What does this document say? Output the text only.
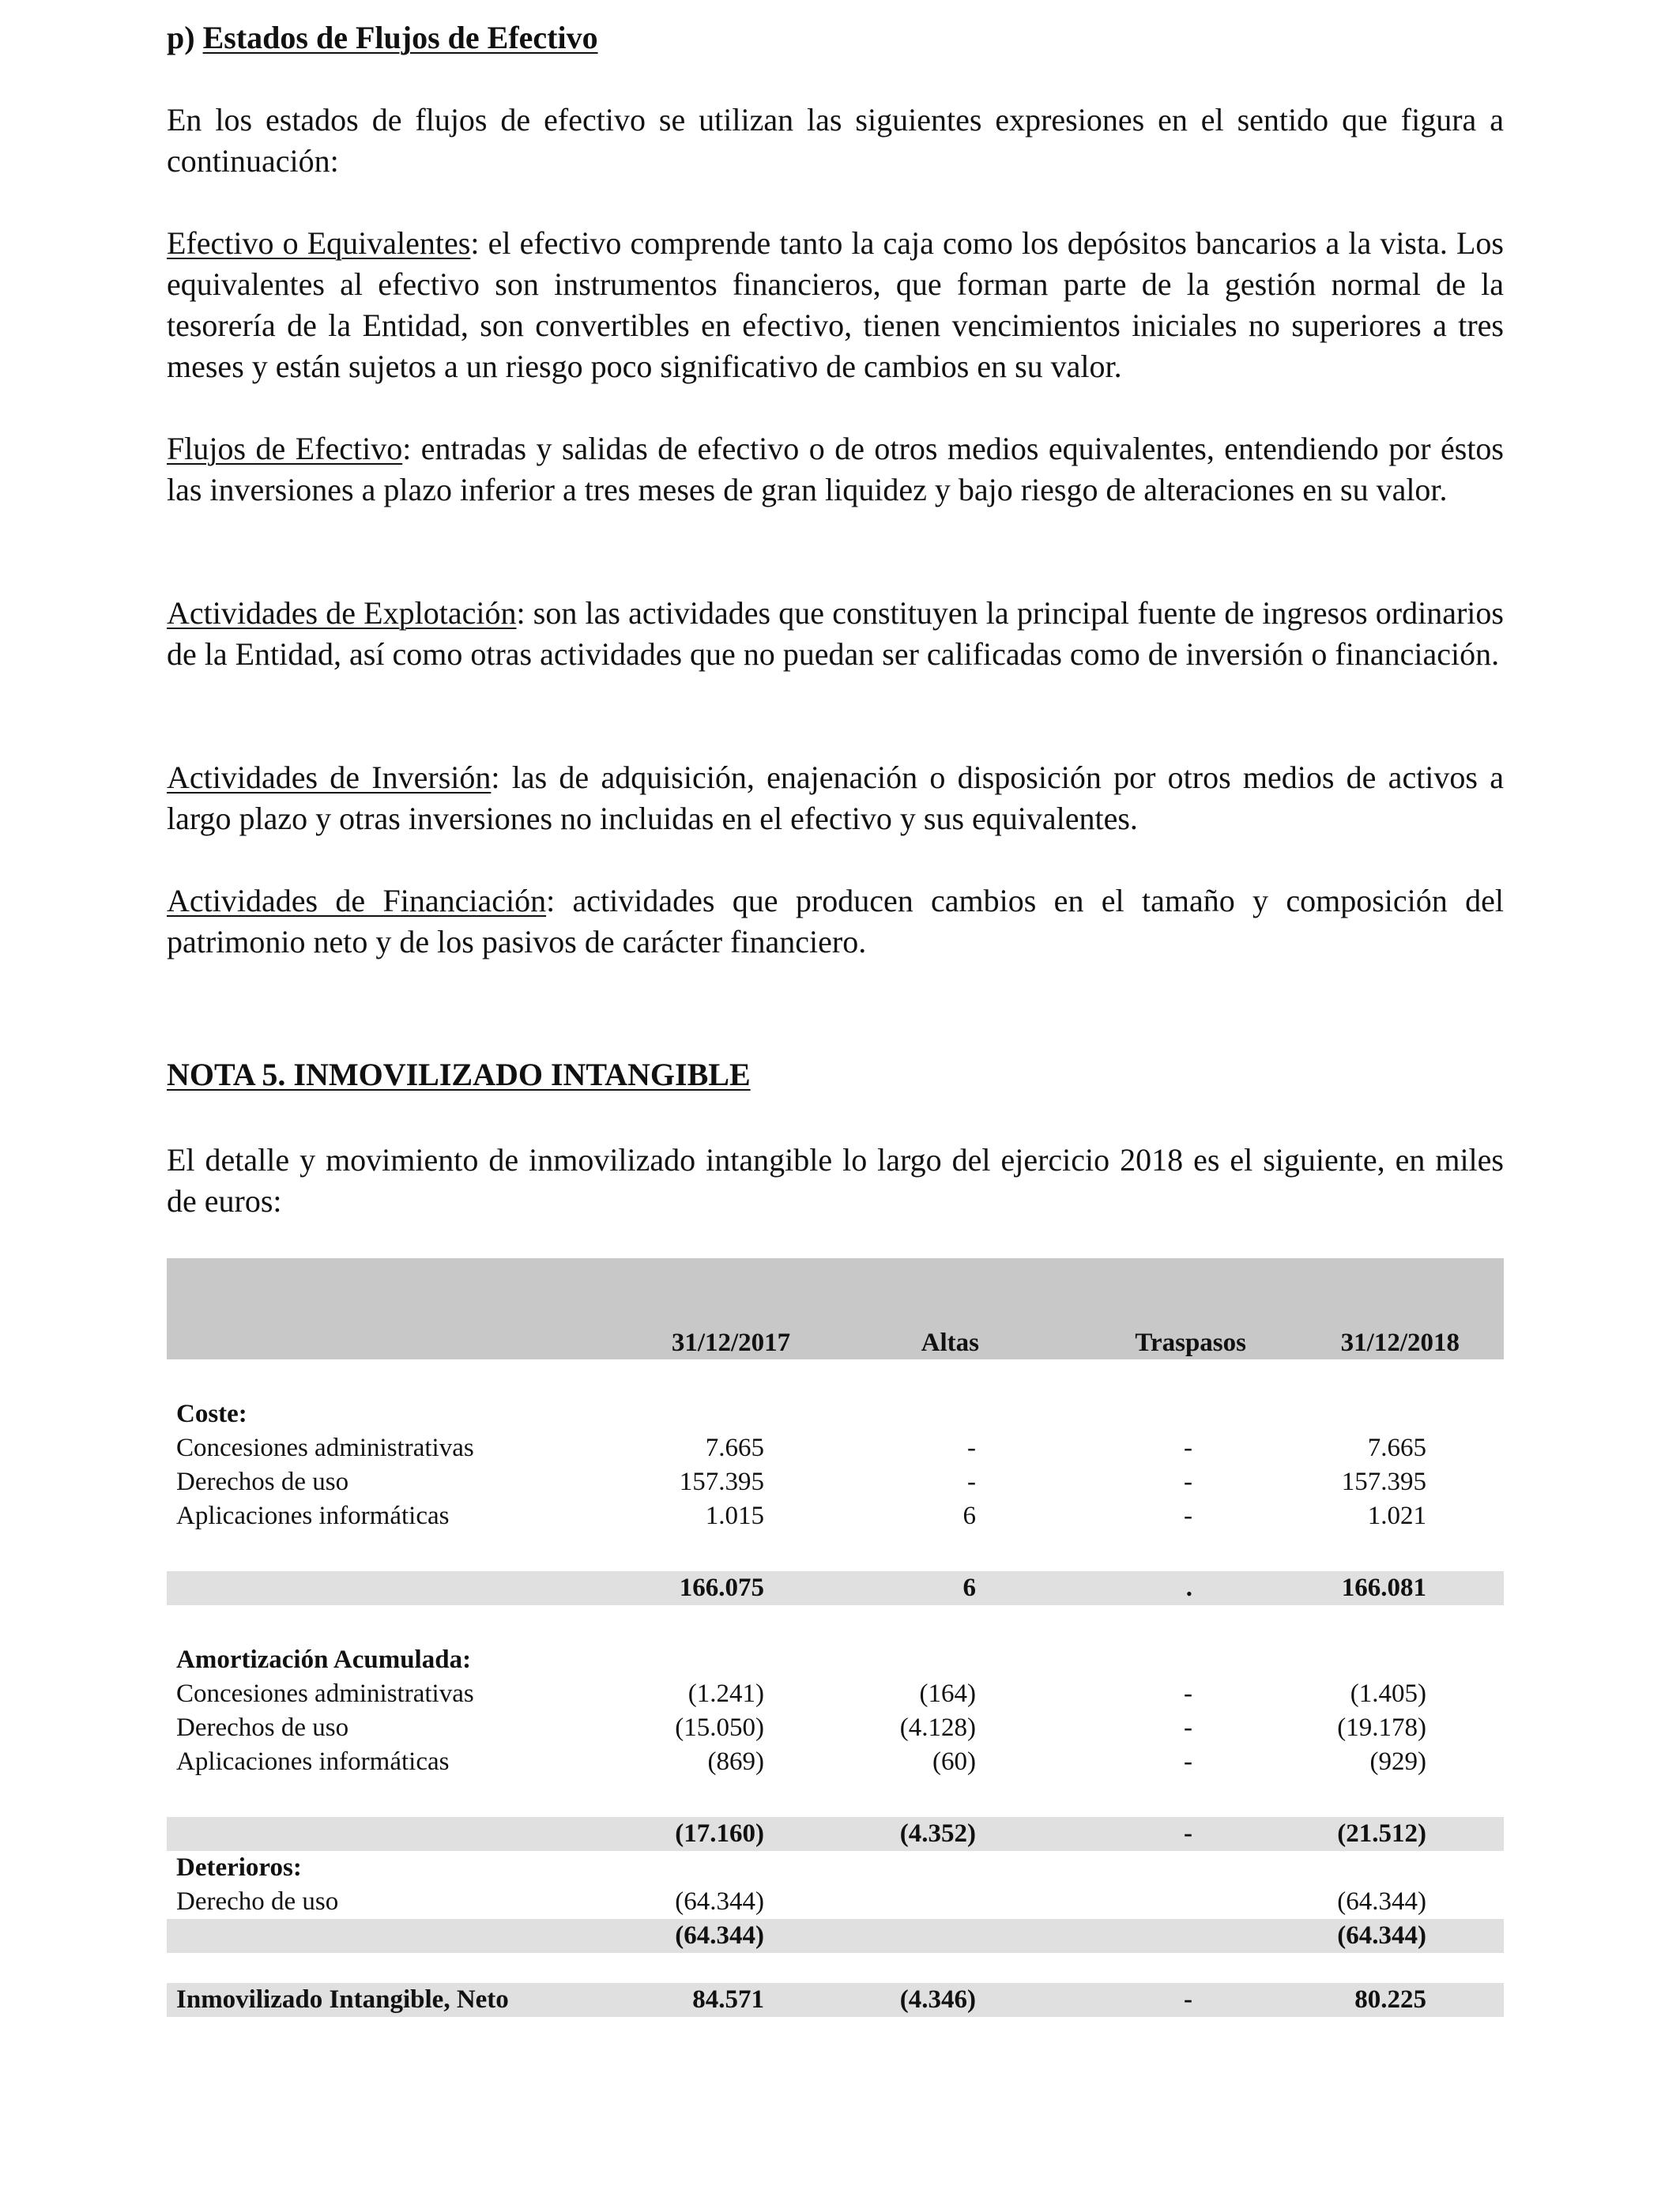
p) Estados de Flujos de Efectivo
En los estados de flujos de efectivo se utilizan las siguientes expresiones en el sentido que figura a continuación:
Efectivo o Equivalentes: el efectivo comprende tanto la caja como los depósitos bancarios a la vista. Los equivalentes al efectivo son instrumentos financieros, que forman parte de la gestión normal de la tesorería de la Entidad, son convertibles en efectivo, tienen vencimientos iniciales no superiores a tres meses y están sujetos a un riesgo poco significativo de cambios en su valor.
Flujos de Efectivo: entradas y salidas de efectivo o de otros medios equivalentes, entendiendo por éstos las inversiones a plazo inferior a tres meses de gran liquidez y bajo riesgo de alteraciones en su valor.
Actividades de Explotación: son las actividades que constituyen la principal fuente de ingresos ordinarios de la Entidad, así como otras actividades que no puedan ser calificadas como de inversión o financiación.
Actividades de Inversión: las de adquisición, enajenación o disposición por otros medios de activos a largo plazo y otras inversiones no incluidas en el efectivo y sus equivalentes.
Actividades de Financiación: actividades que producen cambios en el tamaño y composición del patrimonio neto y de los pasivos de carácter financiero.
NOTA 5. INMOVILIZADO INTANGIBLE
El detalle y movimiento de inmovilizado intangible lo largo del ejercicio 2018 es el siguiente, en miles de euros:

	31/12/2017	Altas	Traspasos	31/12/2018

Coste:				
Concesiones administrativas	7.665	-	-	7.665
Derechos de uso	157.395	-	-	157.395
Aplicaciones informáticas	1.015	6	-	1.021

	166.075	6	.	166.081

Amortización Acumulada:				
Concesiones administrativas	(1.241)	(164)	-	(1.405)
Derechos de uso	(15.050)	(4.128)	-	(19.178)
Aplicaciones informáticas	(869)	(60)	-	(929)

	(17.160)	(4.352)	-	(21.512)
Deterioros:				
Derecho de uso	(64.344)			(64.344)
	(64.344)			(64.344)

Inmovilizado Intangible, Neto	84.571	(4.346)	-	80.225
